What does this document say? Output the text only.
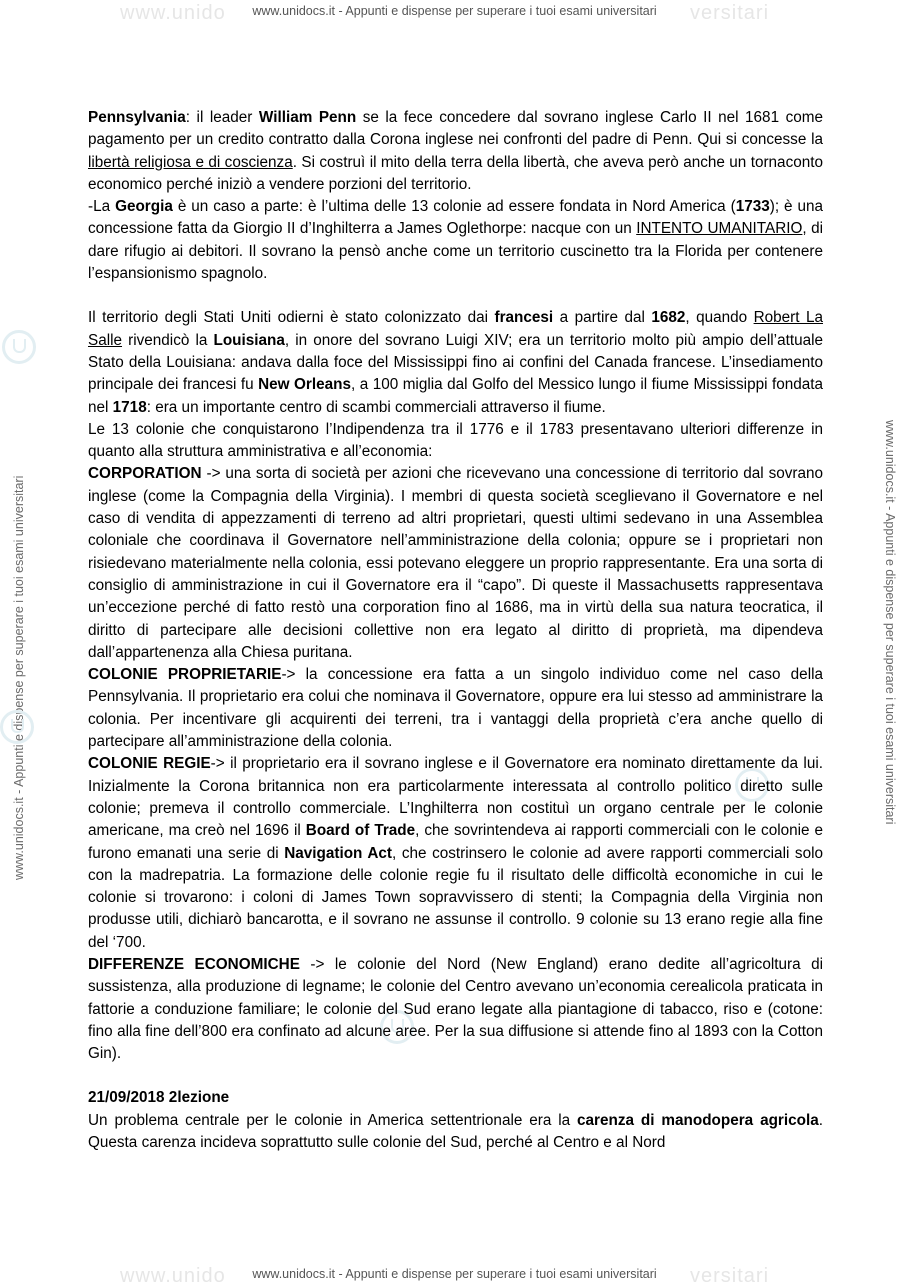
www.unido	versitari
www.unido	versitari
www.unidocs.it - Appunti e dispense per superare i tuoi esami universitari
www.unidocs.it - Appunti e dispense per superare i tuoi esami universitari
www.unidocs.it - Appunti e dispense per superare i tuoi esami universitari	www.unidocs.it - Appunti e dispense per superare i tuoi esami universitari

Pennsylvania: il leader William Penn se la fece concedere dal sovrano inglese Carlo II nel 1681 come pagamento per un credito contratto dalla Corona inglese nei confronti del padre di Penn. Qui si concesse la libertà religiosa e di coscienza. Si costruì il mito della terra della libertà, che aveva però anche un tornaconto economico perché iniziò a vendere porzioni del territorio.

-La Georgia è un caso a parte: è l’ultima delle 13 colonie ad essere fondata in Nord America (1733); è una concessione fatta da Giorgio II d’Inghilterra a James Oglethorpe: nacque con un INTENTO UMANITARIO, di dare rifugio ai debitori. Il sovrano la pensò anche come un territorio cuscinetto tra la Florida per contenere l’espansionismo spagnolo.

Il territorio degli Stati Uniti odierni è stato colonizzato dai francesi a partire dal 1682, quando Robert La Salle rivendicò la Louisiana, in onore del sovrano Luigi XIV; era un territorio molto più ampio dell’attuale Stato della Louisiana: andava dalla foce del Mississippi fino ai confini del Canada francese. L’insediamento principale dei francesi fu New Orleans, a 100 miglia dal Golfo del Messico lungo il fiume Mississippi fondata nel 1718: era un importante centro di scambi commerciali attraverso il fiume.

Le 13 colonie che conquistarono l’Indipendenza tra il 1776 e il 1783 presentavano ulteriori differenze in quanto alla struttura amministrativa e all’economia:

CORPORATION -> una sorta di società per azioni che ricevevano una concessione di territorio dal sovrano inglese (come la Compagnia della Virginia). I membri di questa società sceglievano il Governatore e nel caso di vendita di appezzamenti di terreno ad altri proprietari, questi ultimi sedevano in una Assemblea coloniale che coordinava il Governatore nell’amministrazione della colonia; oppure se i proprietari non risiedevano materialmente nella colonia, essi potevano eleggere un proprio rappresentante. Era una sorta di consiglio di amministrazione in cui il Governatore era il “capo”. Di queste il Massachusetts rappresentava un’eccezione perché di fatto restò una corporation fino al 1686, ma in virtù della sua natura teocratica, il diritto di partecipare alle decisioni collettive non era legato al diritto di proprietà, ma dipendeva dall’appartenenza alla Chiesa puritana.

COLONIE PROPRIETARIE-> la concessione era fatta a un singolo individuo come nel caso della Pennsylvania. Il proprietario era colui che nominava il Governatore, oppure era lui stesso ad amministrare la colonia. Per incentivare gli acquirenti dei terreni, tra i vantaggi della proprietà c’era anche quello di partecipare all’amministrazione della colonia.

COLONIE REGIE-> il proprietario era il sovrano inglese e il Governatore era nominato direttamente da lui. Inizialmente la Corona britannica non era particolarmente interessata al controllo politico diretto sulle colonie; premeva il controllo commerciale. L’Inghilterra non costituì un organo centrale per le colonie americane, ma creò nel 1696 il Board of Trade, che sovrintendeva ai rapporti commerciali con le colonie e furono emanati una serie di Navigation Act, che costrinsero le colonie ad avere rapporti commerciali solo con la madrepatria. La formazione delle colonie regie fu il risultato delle difficoltà economiche in cui le colonie si trovarono: i coloni di James Town sopravvissero di stenti; la Compagnia della Virginia non produsse utili, dichiarò bancarotta, e il sovrano ne assunse il controllo. 9 colonie su 13 erano regie alla fine del ‘700.

DIFFERENZE ECONOMICHE -> le colonie del Nord (New England) erano dedite all’agricoltura di sussistenza, alla produzione di legname; le colonie del Centro avevano un’economia cerealicola praticata in fattorie a conduzione familiare; le colonie del Sud erano legate alla piantagione di tabacco, riso e (cotone: fino alla fine dell’800 era confinato ad alcune aree. Per la sua diffusione si attende fino al 1893 con la Cotton Gin).

21/09/2018 2lezione

Un problema centrale per le colonie in America settentrionale era la carenza di manodopera agricola. Questa carenza incideva soprattutto sulle colonie del Sud, perché al Centro e al Nord
